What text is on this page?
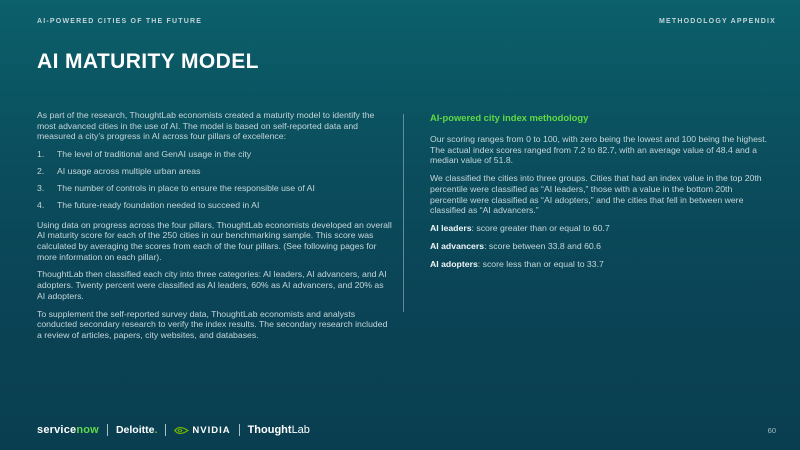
AI-POWERED CITIES OF THE FUTURE	METHODOLOGY APPENDIX
AI MATURITY MODEL

As part of the research, ThoughtLab economists created a maturity model to identify the most advanced cities in the use of AI. The model is based on self-reported data and measured a city’s progress in AI across four pillars of excellence:

1.	The level of traditional and GenAI usage in the city
2.	AI usage across multiple urban areas
3.	The number of controls in place to ensure the responsible use of AI
4.	The future-ready foundation needed to succeed in AI

Using data on progress across the four pillars, ThoughtLab economists developed an overall AI maturity score for each of the 250 cities in our benchmarking sample. This score was calculated by averaging the scores from each of the four pillars. (See following pages for more information on each pillar).

ThoughtLab then classified each city into three categories: AI leaders, AI advancers, and AI adopters. Twenty percent were classified as AI leaders, 60% as AI advancers, and 20% as AI adopters.

To supplement the self-reported survey data, ThoughtLab economists and analysts conducted secondary research to verify the index results. The secondary research included a review of articles, papers, city websites, and databases.

AI-powered city index methodology

Our scoring ranges from 0 to 100, with zero being the lowest and 100 being the highest. The actual index scores ranged from 7.2 to 82.7, with an average value of 48.4 and a median value of 51.8.

We classified the cities into three groups. Cities that had an index value in the top 20th percentile were classified as “AI leaders,” those with a value in the bottom 20th percentile were classified as “AI adopters,” and the cities that fell in between were classified as “AI advancers.”

AI leaders: score greater than or equal to 60.7

AI advancers: score between 33.8 and 60.6

AI adopters: score less than or equal to 33.7

service now Deloitte .	NVIDIA Thought Lab	60
